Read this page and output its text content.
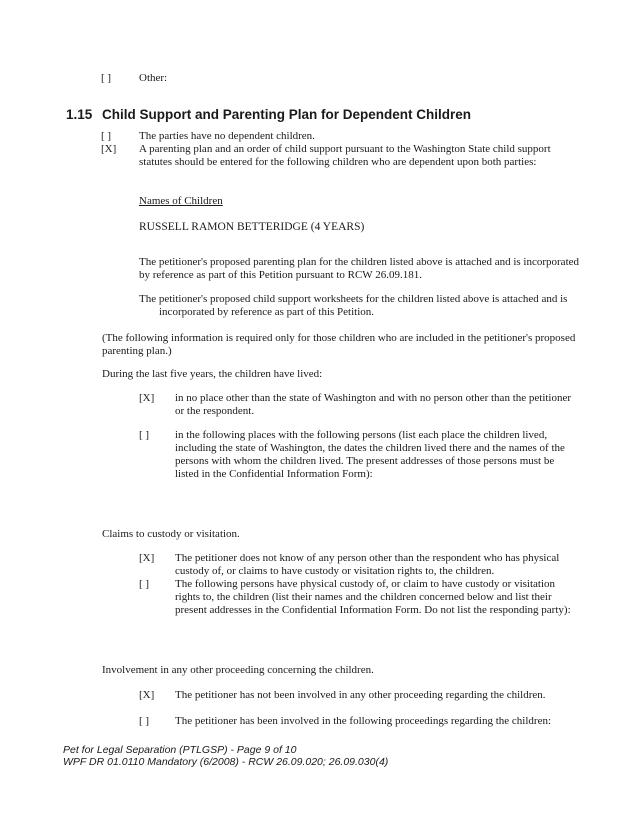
[ ]	Other:
1.15 Child Support and Parenting Plan for Dependent Children
[ ]	The parties have no dependent children.
[X] A parenting plan and an order of child support pursuant to the Washington State child support statutes should be entered for the following children who are dependent upon both parties:
Names of Children
RUSSELL RAMON BETTERIDGE (4 YEARS)
The petitioner's proposed parenting plan for the children listed above is attached and is incorporated by reference as part of this Petition pursuant to RCW 26.09.181.
The petitioner's proposed child support worksheets for the children listed above is attached and is incorporated by reference as part of this Petition.
(The following information is required only for those children who are included in the petitioner's proposed parenting plan.)
During the last five years, the children have lived:
[X] in no place other than the state of Washington and with no person other than the petitioner or the respondent.
[ ] in the following places with the following persons (list each place the children lived, including the state of Washington, the dates the children lived there and the names of the persons with whom the children lived. The present addresses of those persons must be listed in the Confidential Information Form):
Claims to custody or visitation.
[X] The petitioner does not know of any person other than the respondent who has physical custody of, or claims to have custody or visitation rights to, the children.
[ ] The following persons have physical custody of, or claim to have custody or visitation rights to, the children (list their names and the children concerned below and list their present addresses in the Confidential Information Form. Do not list the responding party):
Involvement in any other proceeding concerning the children.
[X] The petitioner has not been involved in any other proceeding regarding the children.
[ ] The petitioner has been involved in the following proceedings regarding the children:
Pet for Legal Separation (PTLGSP) - Page 9 of 10
WPF DR 01.0110 Mandatory (6/2008) - RCW 26.09.020; 26.09.030(4)
